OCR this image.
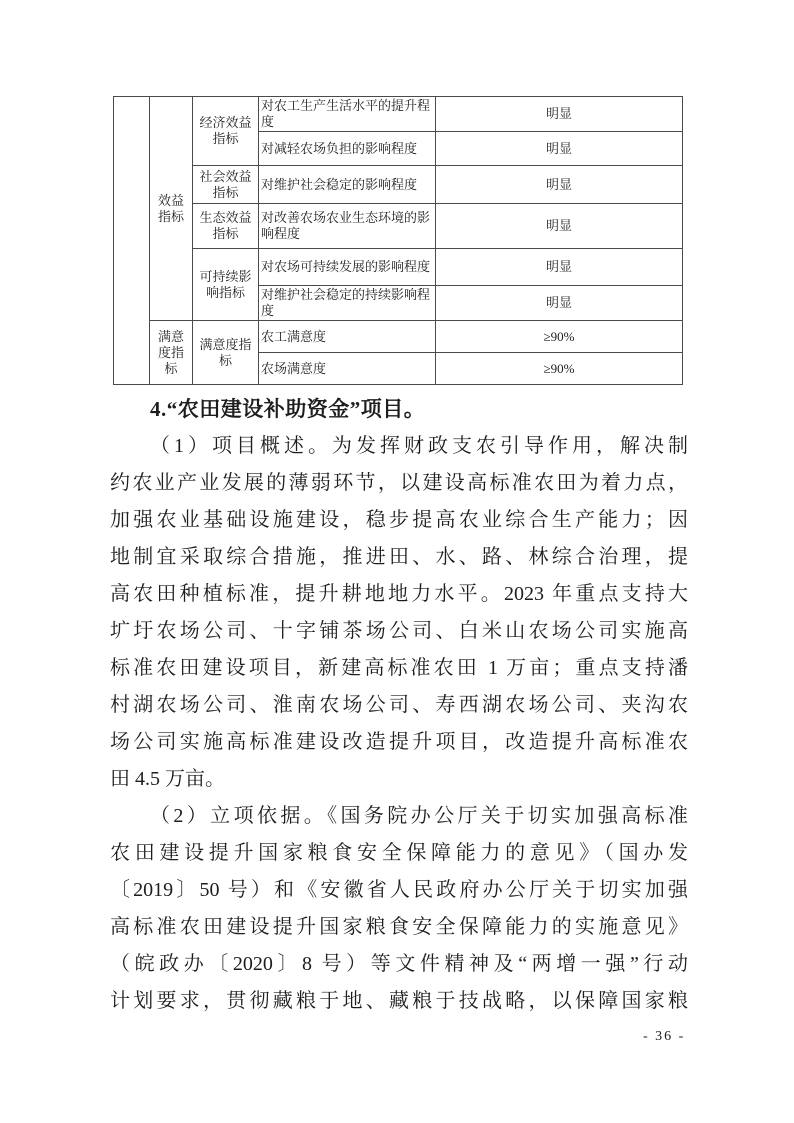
	效益指标	经济效益指标	对农工生产生活水平的提升程度	明显
			对减轻农场负担的影响程度	明显
		社会效益指标	对维护社会稳定的影响程度	明显
		生态效益指标	对改善农场农业生态环境的影响程度	明显
		可持续影响指标	对农场可持续发展的影响程度	明显
			对维护社会稳定的持续影响程度	明显
	满意度指标	满意度指标	农工满意度	≥90%
			农场满意度	≥90%
4.“农田建设补助资金”项目。
（1）项目概述。为发挥财政支农引导作用，解决制
约农业产业发展的薄弱环节，以建设高标准农田为着力点，
加强农业基础设施建设，稳步提高农业综合生产能力；因
地制宜采取综合措施，推进田、水、路、林综合治理，提
高农田种植标准，提升耕地地力水平。2023 年重点支持大
圹圩农场公司、十字铺茶场公司、白米山农场公司实施高
标准农田建设项目，新建高标准农田 1 万亩；重点支持潘
村湖农场公司、淮南农场公司、寿西湖农场公司、夹沟农
场公司实施高标准建设改造提升项目，改造提升高标准农
田 4.5 万亩。
（2）立项依据。《国务院办公厅关于切实加强高标准
农田建设提升国家粮食安全保障能力的意见》（国办发
〔2019〕50 号）和《安徽省人民政府办公厅关于切实加强
高标准农田建设提升国家粮食安全保障能力的实施意见》
（皖政办〔2020〕8 号）等文件精神及“两增一强”行动
计划要求，贯彻藏粮于地、藏粮于技战略，以保障国家粮
- 36 -
